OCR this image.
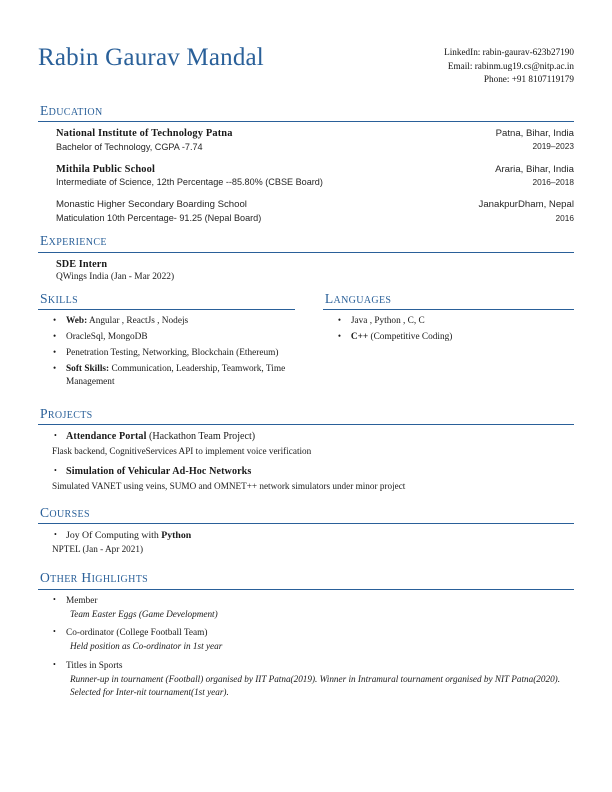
Rabin Gaurav Mandal	LinkedIn: rabin-gaurav-623b27190
Email: rabinm.ug19.cs@nitp.ac.in
Phone: +91 8107119179
Education
National Institute of Technology Patna
Bachelor of Technology, CGPA -7.74
Patna, Bihar, India
2019–2023
Mithila Public School
Intermediate of Science, 12th Percentage --85.80% (CBSE Board)
Araria, Bihar, India
2016–2018
Monastic Higher Secondary Boarding School
Maticulation 10th Percentage- 91.25 (Nepal Board)
JanakpurDham, Nepal
2016
Experience
SDE Intern
QWings India (Jan - Mar 2022)
Skills
• Web: Angular , ReactJs , Nodejs
• OracleSql, MongoDB
• Penetration Testing, Networking, Blockchain (Ethereum)
• Soft Skills: Communication, Leadership, Teamwork, Time Management
Languages
• Java , Python , C, C
• C++ (Competitive Coding)
Projects
• Attendance Portal (Hackathon Team Project)
Flask backend, CognitiveServices API to implement voice verification
• Simulation of Vehicular Ad-Hoc Networks
Simulated VANET using veins, SUMO and OMNET++ network simulators under minor project
Courses
• Joy Of Computing with Python
NPTEL (Jan - Apr 2021)
Other Highlights
• Member
Team Easter Eggs (Game Development)
• Co-ordinator (College Football Team)
Held position as Co-ordinator in 1st year
• Titles in Sports
Runner-up in tournament (Football) organised by IIT Patna(2019). Winner in Intramural tournament organised by NIT Patna(2020). Selected for Inter-nit tournament(1st year).
